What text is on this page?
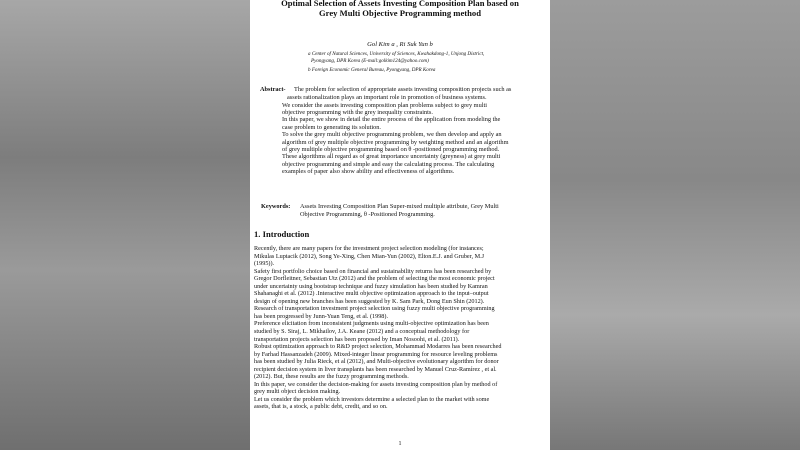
Optimal Selection of Assets Investing Composition Plan based on
Grey Multi Objective Programming method
Gol Kim a , Ri Suk Yun b
a Center of Natural Sciences, University of Sciences, Kwahakdong-1, Unjong District,
Pyongyang, DPR Korea (E-mail:golkim124@yahoo.com)
b Foreign Economic General Bureau, Pyongyang, DPR Korea
Abstract- The problem for selection of appropriate assets investing composition projects such as
assets rationalization plays an important role in promotion of business systems.
We consider the assets investing composition plan problems subject to grey multi
objective programming with the grey inequality constraints.
In this paper, we show in detail the entire process of the application from modeling the
case problem to generating its solution.
To solve the grey multi objective programming problem, we then develop and apply an
algorithm of grey multiple objective programming by weighting method and an algorithm
of grey multiple objective programming based on θ -positioned programming method.
These algorithms all regard as of great importance uncertainty (greyness) at grey multi
objective programming and simple and easy the calculating process. The calculating
examples of paper also show ability and effectiveness of algorithms.
Keywords: Assets Investing Composition Plan Super-mixed multiple attribute, Grey Multi
Objective Programming, θ -Positioned Programming.
1. Introduction
Recently, there are many papers for the investment project selection modeling (for instances;
Mikulas Luptacik (2012), Song Ye-Xing, Chen Mian-Yun (2002), Elton.E.J. and Gruber, M.J
(1995)).
Safety first portfolio choice based on financial and sustainability returns has been researched by
Gregor Dorfleitner, Sebastian Utz (2012) and the problem of selecting the most economic project
under uncertainty using bootstrap technique and fuzzy simulation has been studied by Kamran
Shahanaghi et al. (2012) .Interactive multi objective optimization approach to the input–output
design of opening new branches has been suggested by K. Sam Park, Dong Eun Shin (2012).
Research of transportation investment project selection using fuzzy multi objective programming
has been progressed by Junn-Yuan Teng, et al. (1998).
Preference elicitation from inconsistent judgments using multi-objective optimization has been
studied by S. Siraj, L. Mikhailov, J.A. Keane (2012) and a conceptual methodology for
transportation projects selection has been proposed by Iman Nosoohi, et al. (2011).
Robust optimization approach to R&D project selection, Mohammad Modarres has been researched
by Farhad Hassanzadeh (2009). Mixed-integer linear programming for resource leveling problems
has been studied by Julia Rieck, et al (2012), and Multi-objective evolutionary algorithm for donor
recipient decision system in liver transplants has been researched by Manuel Cruz-Ramírez , et al.
(2012). But, these results are the fuzzy programming methods.
In this paper, we consider the decision-making for assets investing composition plan by method of
grey multi object decision making.
Let us consider the problem which investors determine a selected plan to the market with some
assets, that is, a stock, a public debt, credit, and so on.
1
